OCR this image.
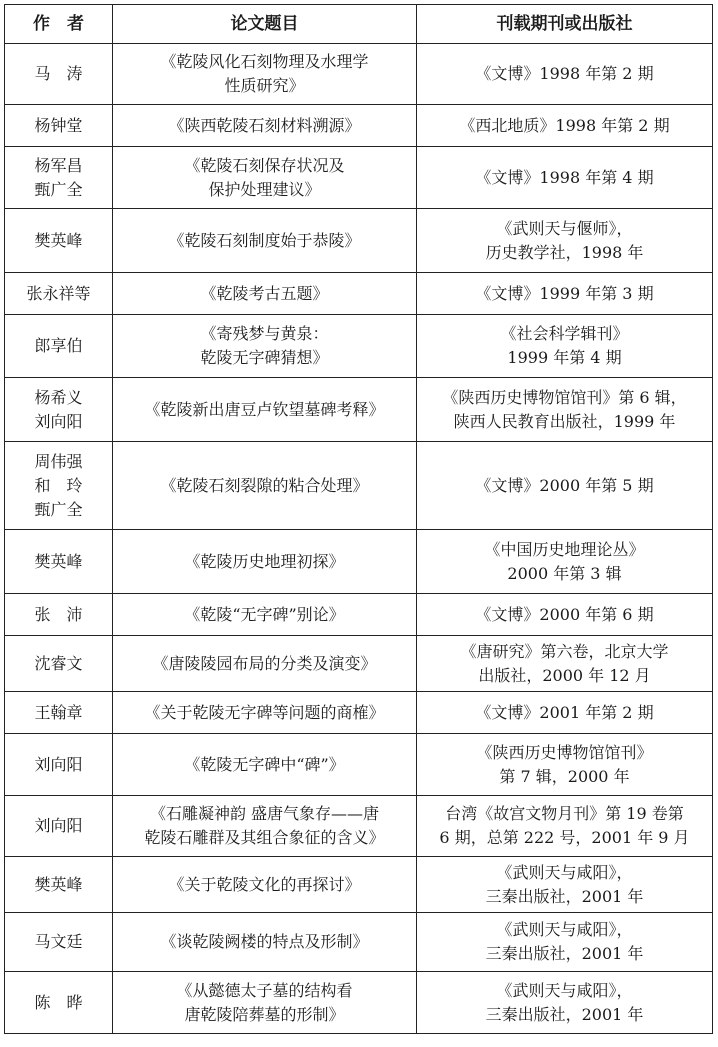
作　者	论文题目	刊载期刊或出版社

马　涛	《乾陵风化石刻物理及水理学
性质研究》	《文博》1998 年第 2 期

杨钟堂	《陕西乾陵石刻材料溯源》	《西北地质》1998 年第 2 期

杨军昌
甄广全	《乾陵石刻保存状况及
保护处理建议》	《文博》1998 年第 4 期

樊英峰	《乾陵石刻制度始于恭陵》	《武则天与偃师》，
历史教学社，1998 年

张永祥等	《乾陵考古五题》	《文博》1999 年第 3 期

郎享伯	《寄残梦与黄泉：
乾陵无字碑猜想》	《社会科学辑刊》
1999 年第 4 期

杨希义
刘向阳	《乾陵新出唐豆卢钦望墓碑考释》	《陕西历史博物馆馆刊》第 6 辑，
陕西人民教育出版社，1999 年

周伟强
和　玲
甄广全	《乾陵石刻裂隙的粘合处理》	《文博》2000 年第 5 期

樊英峰	《乾陵历史地理初探》	《中国历史地理论丛》
2000 年第 3 辑

张　沛	《乾陵“无字碑”别论》	《文博》2000 年第 6 期

沈睿文	《唐陵陵园布局的分类及演变》	《唐研究》第六卷，北京大学
出版社，2000 年 12 月

王翰章	《关于乾陵无字碑等问题的商榷》	《文博》2001 年第 2 期

刘向阳	《乾陵无字碑中“碑”》	《陕西历史博物馆馆刊》
第 7 辑，2000 年

刘向阳	《石雕凝神韵 盛唐气象存——唐
乾陵石雕群及其组合象征的含义》	台湾《故宫文物月刊》第 19 卷第
6 期，总第 222 号，2001 年 9 月

樊英峰	《关于乾陵文化的再探讨》	《武则天与咸阳》，
三秦出版社，2001 年

马文廷	《谈乾陵阙楼的特点及形制》	《武则天与咸阳》，
三秦出版社，2001 年

陈　晔	《从懿德太子墓的结构看
唐乾陵陪葬墓的形制》	《武则天与咸阳》，
三秦出版社，2001 年
